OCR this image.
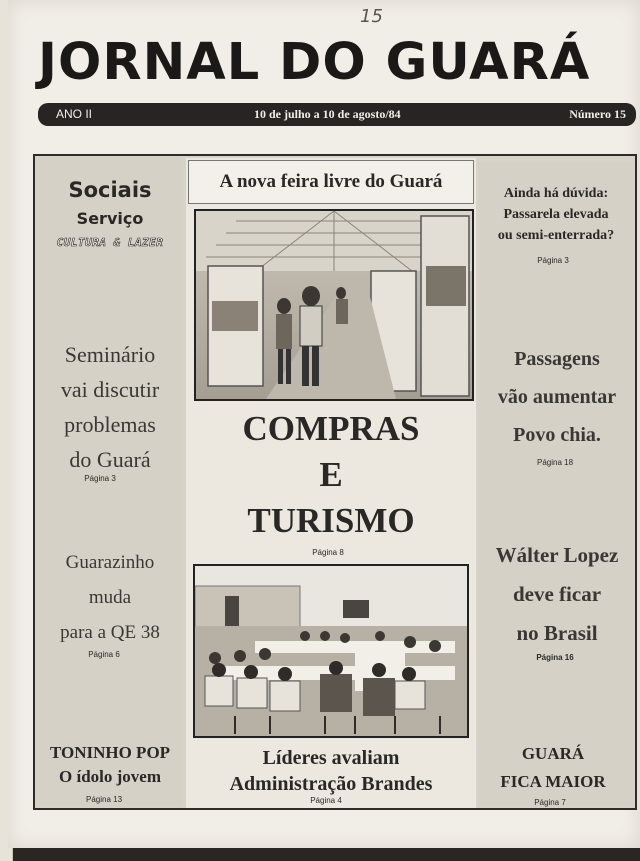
15
JORNAL DO GUARÁ
ANO II	10 de julho a 10 de agosto/84	Número 15
Sociais
Serviço
CULTURA & LAZER
Seminário
vai discutir
problemas
do Guará
Página 3
Guarazinho
muda
para a QE 38
Página 6
TONINHO POP
O ídolo jovem
Página 13
A nova feira livre do Guará
COMPRAS
E
TURISMO
Página 8
Líderes avaliam
Administração Brandes
Página 4
Ainda há dúvida:
Passarela elevada
ou semi-enterrada?
Página 3
Passagens
vão aumentar
Povo chia.
Página 18
Wálter Lopez
deve ficar
no Brasil
Página 16
GUARÁ
FICA MAIOR
Página 7
